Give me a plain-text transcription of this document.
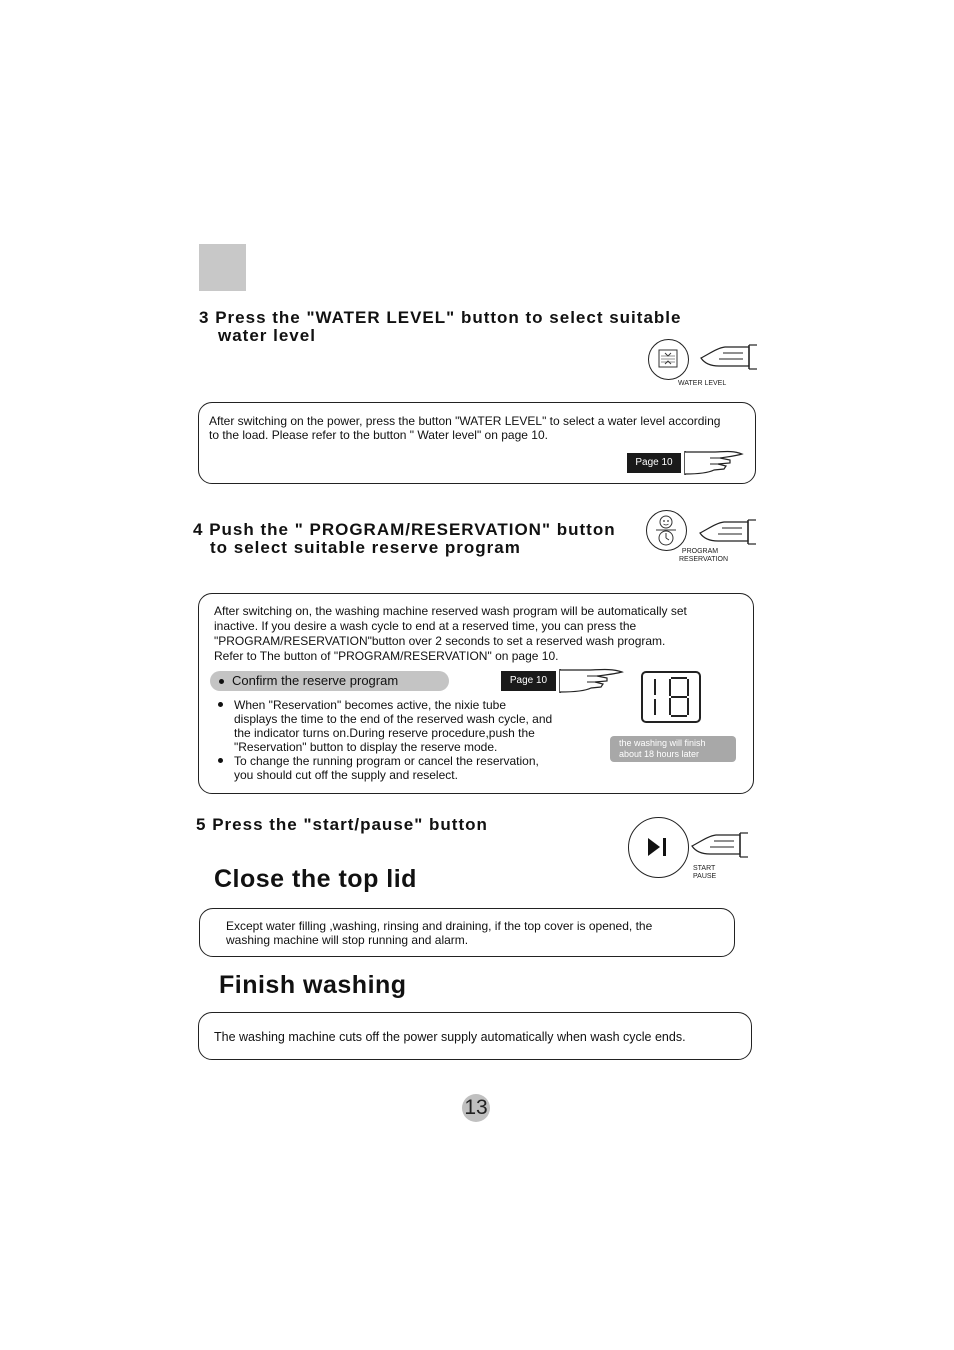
3 Press the "WATER LEVEL" button to select suitable
water level
WATER LEVEL
After switching on the power, press the button "WATER LEVEL" to select a water level according
to the load. Please refer to the button " Water level" on page 10.
Page 10
4 Push the " PROGRAM/RESERVATION" button
to select suitable reserve program	PROGRAM
RESERVATION
After switching on, the washing machine reserved wash program will be automatically set
inactive. If you desire a wash cycle to end at a reserved time, you can press the
"PROGRAM/RESERVATION"button over 2 seconds to set a reserved wash program.
Refer to The button of "PROGRAM/RESERVATION" on page 10.
Confirm the reserve program	Page 10
the washing will finish
about 18 hours later
When "Reservation" becomes active, the nixie tube
displays the time to the end of the reserved wash cycle, and
the indicator turns on.During reserve procedure,push the
"Reservation" button to display the reserve mode.
To change the running program or cancel the reservation,
you should cut off the supply and reselect.
5 Press the "start/pause" button
START
PAUSE
Close the top lid
Except water filling ,washing, rinsing and draining, if the top cover is opened, the
washing machine will stop running and alarm.
Finish washing
The washing machine cuts off the power supply automatically when wash cycle ends.
13
